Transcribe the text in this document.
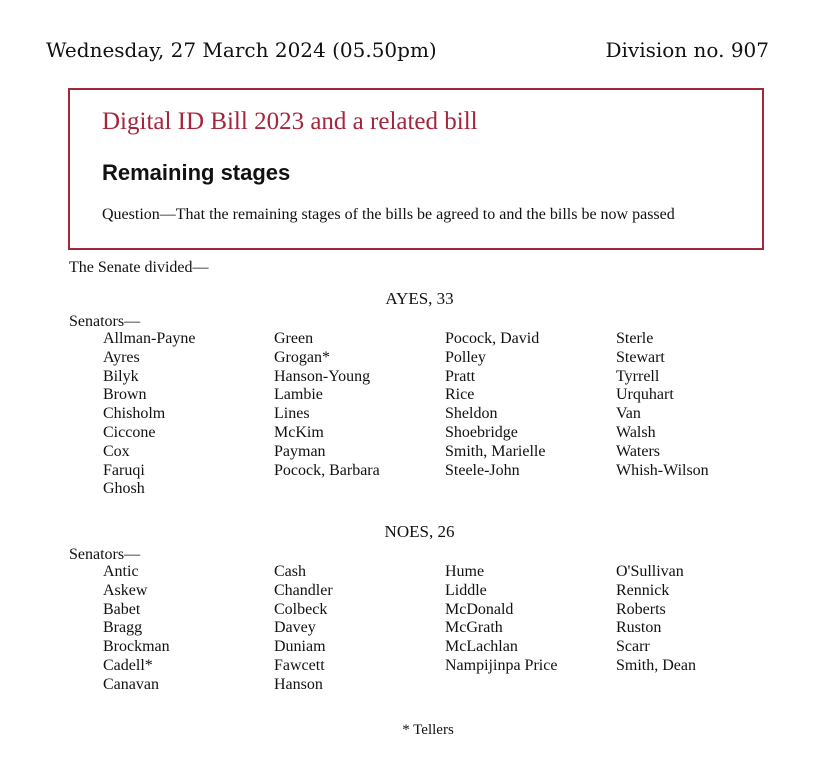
Wednesday, 27 March 2024 (05.50pm)	Division no. 907
Digital ID Bill 2023 and a related bill
Remaining stages
Question—That the remaining stages of the bills be agreed to and the bills be now passed
The Senate divided—
AYES, 33
Senators—
Allman-Payne
Ayres
Bilyk
Brown
Chisholm
Ciccone
Cox
Faruqi
Ghosh
Green
Grogan*
Hanson-Young
Lambie
Lines
McKim
Payman
Pocock, Barbara
Pocock, David
Polley
Pratt
Rice
Sheldon
Shoebridge
Smith, Marielle
Steele-John
Sterle
Stewart
Tyrrell
Urquhart
Van
Walsh
Waters
Whish-Wilson
NOES, 26
Senators—
Antic
Askew
Babet
Bragg
Brockman
Cadell*
Canavan
Cash
Chandler
Colbeck
Davey
Duniam
Fawcett
Hanson
Hume
Liddle
McDonald
McGrath
McLachlan
Nampijinpa Price
O'Sullivan
Rennick
Roberts
Ruston
Scarr
Smith, Dean
* Tellers
